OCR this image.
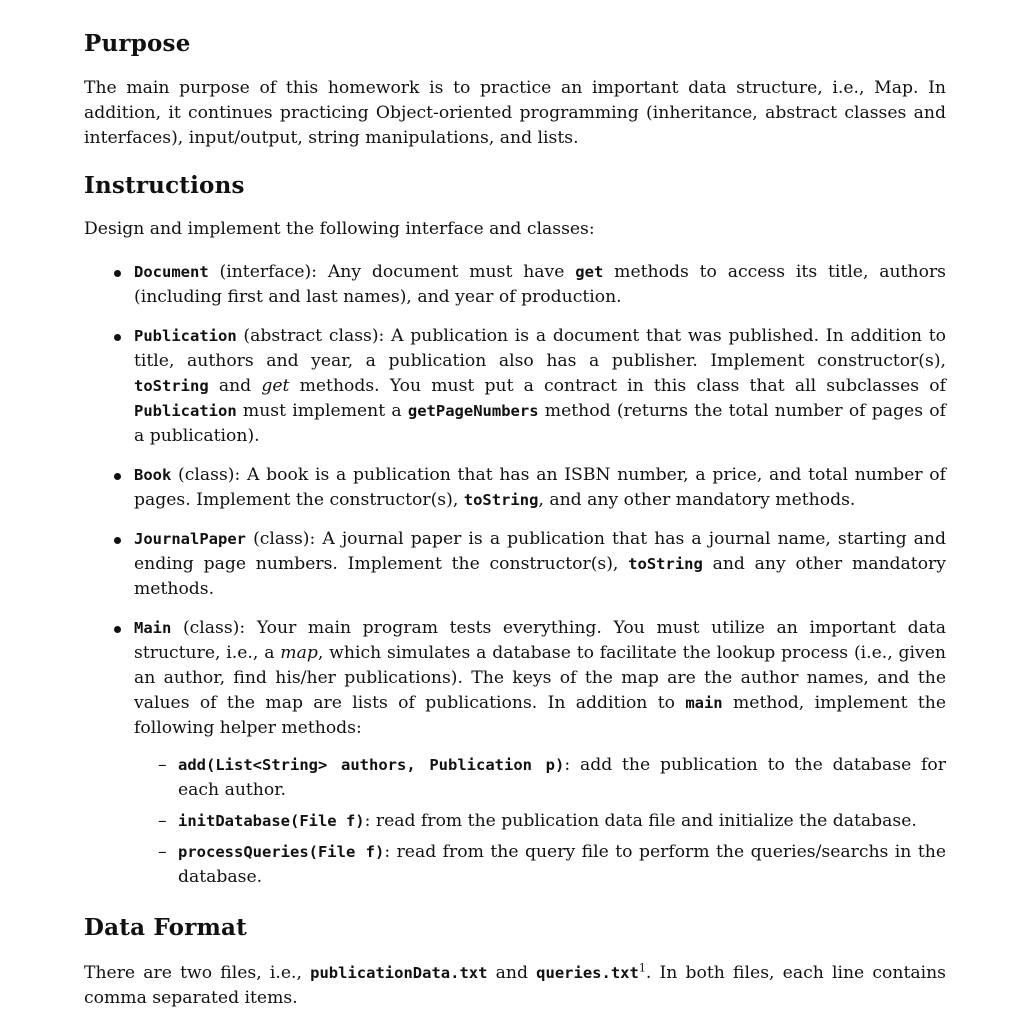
Purpose

The main purpose of this homework is to practice an important data structure, i.e., Map. In addition, it continues practicing Object-oriented programming (inheritance, abstract classes and interfaces), input/output, string manipulations, and lists.

Instructions

Design and implement the following interface and classes:

Document (interface): Any document must have get methods to access its title, authors (including first and last names), and year of production.
Publication (abstract class): A publication is a document that was published. In addition to title, authors and year, a publication also has a publisher. Implement constructor(s), toString and get methods. You must put a contract in this class that all subclasses of Publication must implement a getPageNumbers method (returns the total number of pages of a publication).
Book (class): A book is a publication that has an ISBN number, a price, and total number of pages. Implement the constructor(s), toString, and any other mandatory methods.
JournalPaper (class): A journal paper is a publication that has a journal name, starting and ending page numbers. Implement the constructor(s), toString and any other mandatory methods.
Main (class): Your main program tests everything. You must utilize an important data structure, i.e., a map, which simulates a database to facilitate the lookup process (i.e., given an author, find his/her publications). The keys of the map are the author names, and the values of the map are lists of publications. In addition to main method, implement the following helper methods:
– add(List<String> authors, Publication p): add the publication to the database for each author.
– initDatabase(File f): read from the publication data file and initialize the database.
– processQueries(File f): read from the query file to perform the queries/searchs in the database.
Data Format

There are two files, i.e., publicationData.txt and queries.txt$^1$. In both files, each line contains comma separated items.
